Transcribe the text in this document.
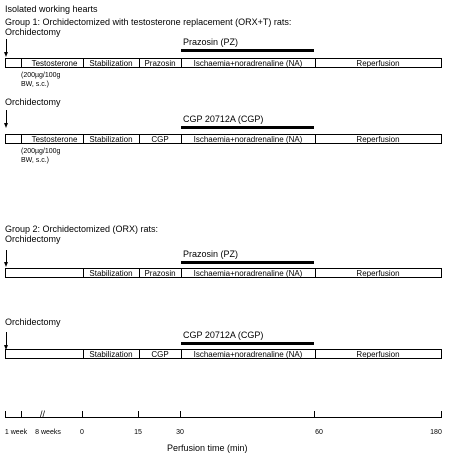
Isolated working hearts
Group 1: Orchidectomized with testosterone replacement (ORX+T) rats:
Orchidectomy
Prazosin (PZ)
Testosterone	Stabilization	Prazosin	Ischaemia+noradrenaline (NA)	Reperfusion
(200µg/100g
BW, s.c.)
Orchidectomy
CGP 20712A (CGP)
Testosterone	Stabilization	CGP	Ischaemia+noradrenaline (NA)	Reperfusion
(200µg/100g
BW, s.c.)
Group 2: Orchidectomized (ORX) rats:
Orchidectomy
Prazosin (PZ)
Stabilization	Prazosin	Ischaemia+noradrenaline (NA)	Reperfusion
Orchidectomy
CGP 20712A (CGP)
Stabilization	CGP	Ischaemia+noradrenaline (NA)	Reperfusion
//
1 week 8 weeks	0	15	30	60	180
Perfusion time (min)
